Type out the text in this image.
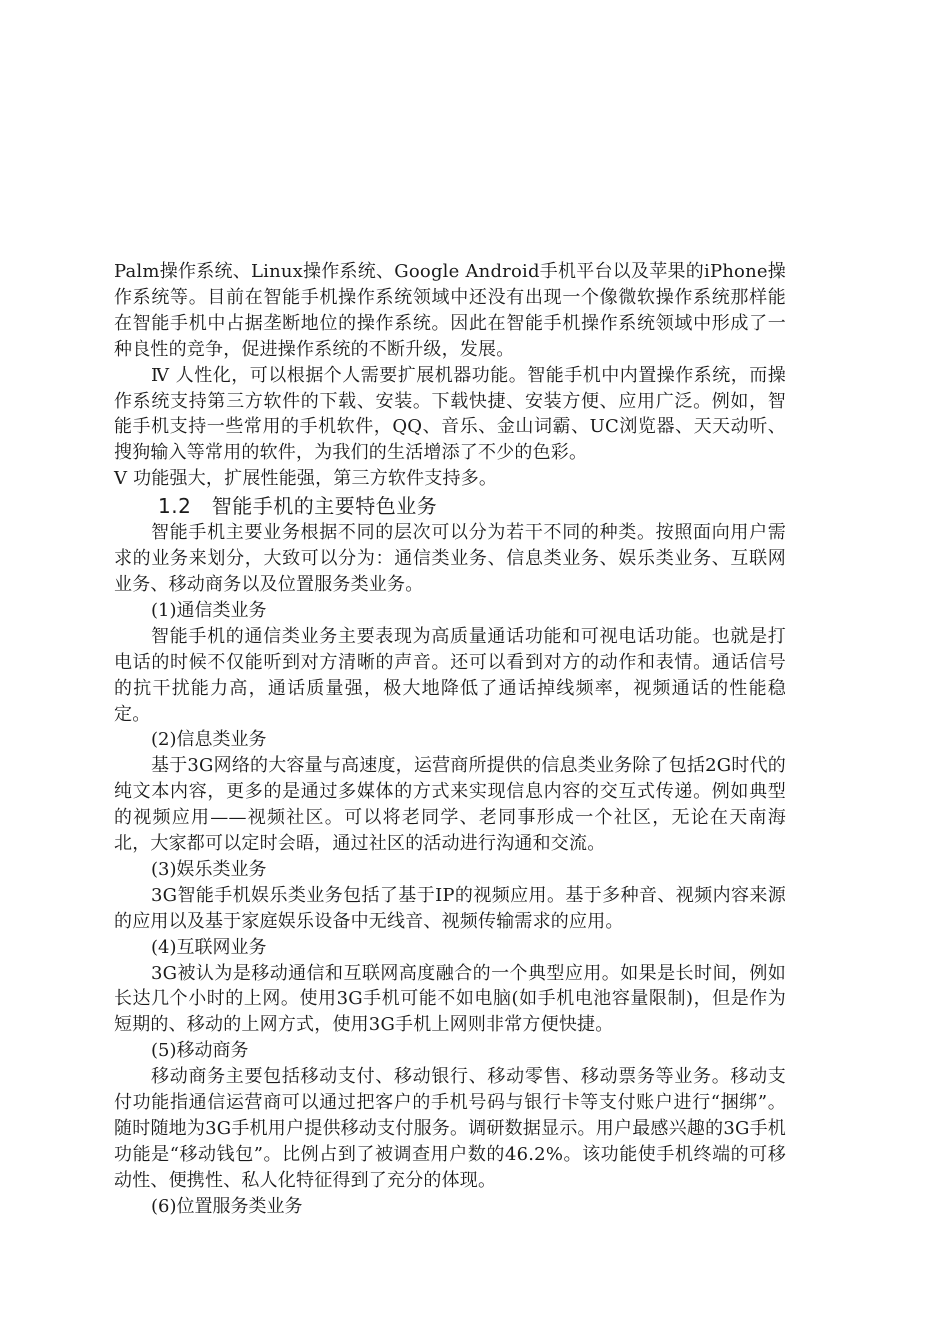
Palm操作系统、Linux操作系统、Google Android手机平台以及苹果的iPhone操作系统等。目前在智能手机操作系统领域中还没有出现一个像微软操作系统那样能在智能手机中占据垄断地位的操作系统。因此在智能手机操作系统领域中形成了一种良性的竞争，促进操作系统的不断升级，发展。

Ⅳ 人性化，可以根据个人需要扩展机器功能。智能手机中内置操作系统，而操作系统支持第三方软件的下载、安装。下载快捷、安装方便、应用广泛。例如，智能手机支持一些常用的手机软件，QQ、音乐、金山词霸、UC浏览器、天天动听、搜狗输入等常用的软件，为我们的生活增添了不少的色彩。

Ⅴ 功能强大，扩展性能强，第三方软件支持多。

1.2　智能手机的主要特色业务

智能手机主要业务根据不同的层次可以分为若干不同的种类。按照面向用户需求的业务来划分，大致可以分为：通信类业务、信息类业务、娱乐类业务、互联网业务、移动商务以及位置服务类业务。

(1)通信类业务

智能手机的通信类业务主要表现为高质量通话功能和可视电话功能。也就是打电话的时候不仅能听到对方清晰的声音。还可以看到对方的动作和表情。通话信号的抗干扰能力高，通话质量强，极大地降低了通话掉线频率，视频通话的性能稳定。

(2)信息类业务

基于3G网络的大容量与高速度，运营商所提供的信息类业务除了包括2G时代的纯文本内容，更多的是通过多媒体的方式来实现信息内容的交互式传递。例如典型的视频应用——视频社区。可以将老同学、老同事形成一个社区，无论在天南海北，大家都可以定时会晤，通过社区的活动进行沟通和交流。

(3)娱乐类业务

3G智能手机娱乐类业务包括了基于IP的视频应用。基于多种音、视频内容来源的应用以及基于家庭娱乐设备中无线音、视频传输需求的应用。

(4)互联网业务

3G被认为是移动通信和互联网高度融合的一个典型应用。如果是长时间，例如长达几个小时的上网。使用3G手机可能不如电脑(如手机电池容量限制)，但是作为短期的、移动的上网方式，使用3G手机上网则非常方便快捷。

(5)移动商务

移动商务主要包括移动支付、移动银行、移动零售、移动票务等业务。移动支付功能指通信运营商可以通过把客户的手机号码与银行卡等支付账户进行“捆绑”。随时随地为3G手机用户提供移动支付服务。调研数据显示。用户最感兴趣的3G手机功能是“移动钱包”。比例占到了被调查用户数的46.2%。该功能使手机终端的可移动性、便携性、私人化特征得到了充分的体现。

(6)位置服务类业务
